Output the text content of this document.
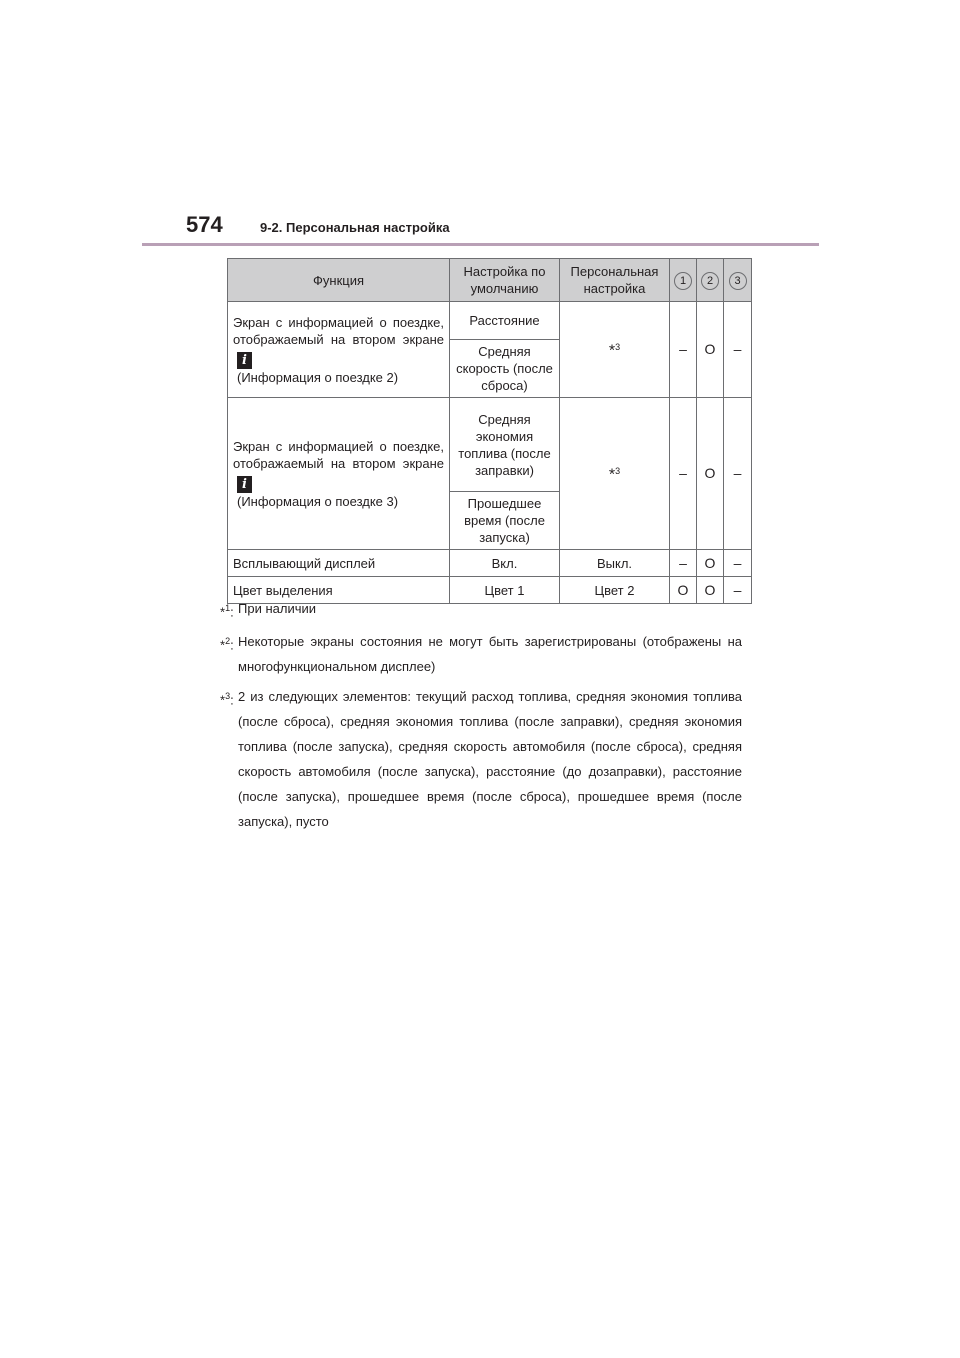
574	9-2. Персональная настройка
Функция	Настройка по умолчанию	Персональная настройка	1	2	3
Экран с информацией о поездке, отображаемый на втором экранеi
(Информация о поездке 2)	Расстояние	*$^3$	–	O	–
	Средняя скорость (после сброса)				
Экран с информацией о поездке, отображаемый на втором экранеi
(Информация о поездке 3)	Средняя экономия топлива (после заправки)	*$^3$	–	O	–
	Прошедшее время (после запуска)				
Всплывающий дисплей	Вкл.	Выкл.	–	O	–
Цвет выделения	Цвет 1	Цвет 2	O	O	–
*$^1$: При наличии
*$^2$: Некоторые экраны состояния не могут быть зарегистрированы (отображены на многофункциональном дисплее)
*$^3$: 2 из следующих элементов: текущий расход топлива, средняя экономия топлива (после сброса), средняя экономия топлива (после заправки), средняя экономия топлива (после запуска), средняя скорость автомобиля (после сброса), средняя скорость автомобиля (после запуска), расстояние (до дозаправки), расстояние (после запуска), прошедшее время (после сброса), прошедшее время (после запуска), пусто
